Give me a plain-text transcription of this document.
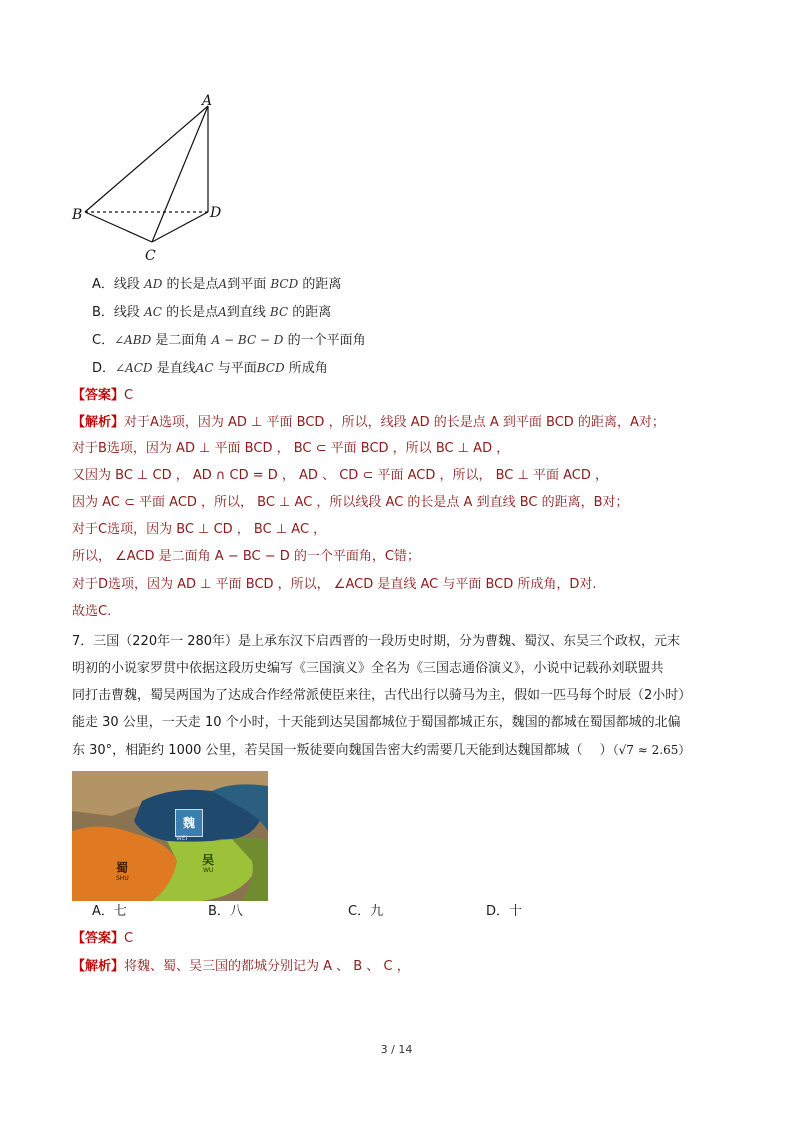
A
B
C
D
A．线段 AD 的长是点A到平面 BCD 的距离
B．线段 AC 的长是点A到直线 BC 的距离
C．∠ABD 是二面角 A − BC − D 的一个平面角
D．∠ACD 是直线AC 与平面BCD 所成角
【答案】C
【解析】对于A选项，因为 AD ⊥ 平面 BCD ，所以，线段 AD 的长是点 A 到平面 BCD 的距离，A对；
对于B选项，因为 AD ⊥ 平面 BCD ， BC ⊂ 平面 BCD ，所以 BC ⊥ AD ，
又因为 BC ⊥ CD ， AD ∩ CD = D ， AD 、 CD ⊂ 平面 ACD ，所以， BC ⊥ 平面 ACD ，
因为 AC ⊂ 平面 ACD ，所以， BC ⊥ AC ，所以线段 AC 的长是点 A 到直线 BC 的距离，B对；
对于C选项，因为 BC ⊥ CD ， BC ⊥ AC ，
所以， ∠ACD 是二面角 A − BC − D 的一个平面角，C错；
对于D选项，因为 AD ⊥ 平面 BCD ，所以， ∠ACD 是直线 AC 与平面 BCD 所成角，D对.
故选C.
7．三国（220年一 280年）是上承东汉下启西晋的一段历史时期，分为曹魏、蜀汉、东吴三个政权，元末
明初的小说家罗贯中依据这段历史编写《三国演义》全名为《三国志通俗演义》，小说中记载孙刘联盟共
同打击曹魏，蜀吴两国为了达成合作经常派使臣来往，古代出行以骑马为主，假如一匹马每个时辰（2小时）
能走 30 公里，一天走 10 个小时，十天能到达吴国都城位于蜀国都城正东，魏国的都城在蜀国都城的北偏
东 30°，相距约 1000 公里，若吴国一叛徒要向魏国告密大约需要几天能到达魏国都城（　 ）（√7 ≈ 2.65）
魏
WEI
蜀
SHU
吴
WU
A．七	B．八	C．九	D．十
【答案】C
【解析】将魏、蜀、吴三国的都城分别记为 A 、 B 、 C ，
3 / 14
